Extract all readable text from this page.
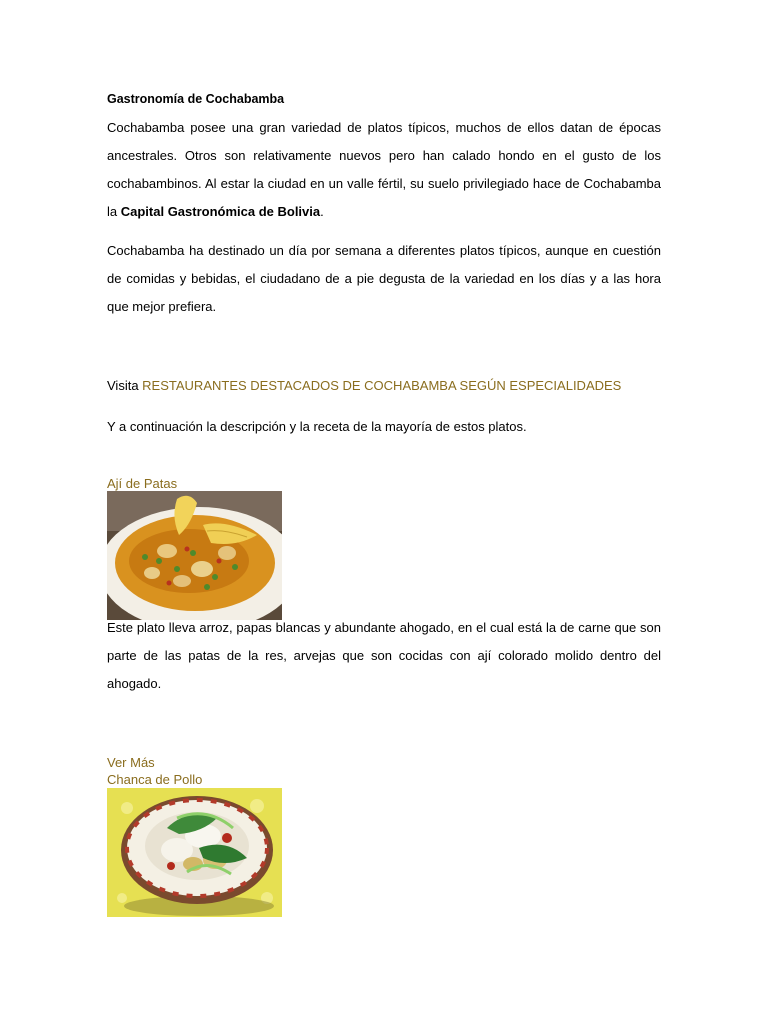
Gastronomía de Cochabamba

Cochabamba posee una gran variedad de platos típicos, muchos de ellos datan de épocas ancestrales. Otros son relativamente nuevos pero han calado hondo en el gusto de los cochabambinos. Al estar la ciudad en un valle fértil, su suelo privilegiado hace de Cochabamba la Capital Gastronómica de Bolivia.

Cochabamba ha destinado un día por semana a diferentes platos típicos, aunque en cuestión de comidas y bebidas, el ciudadano de a pie degusta de la variedad en los días y a las hora que mejor prefiera.

Visita RESTAURANTES DESTACADOS DE COCHABAMBA SEGÚN ESPECIALIDADES
Y a continuación la descripción y la receta de la mayoría de estos platos.
Ají de Patas

Este plato lleva arroz, papas blancas y abundante ahogado, en el cual está la de carne que son parte de las patas de la res, arvejas que son cocidas con ají colorado molido dentro del ahogado.

Ver Más
Chanca de Pollo
